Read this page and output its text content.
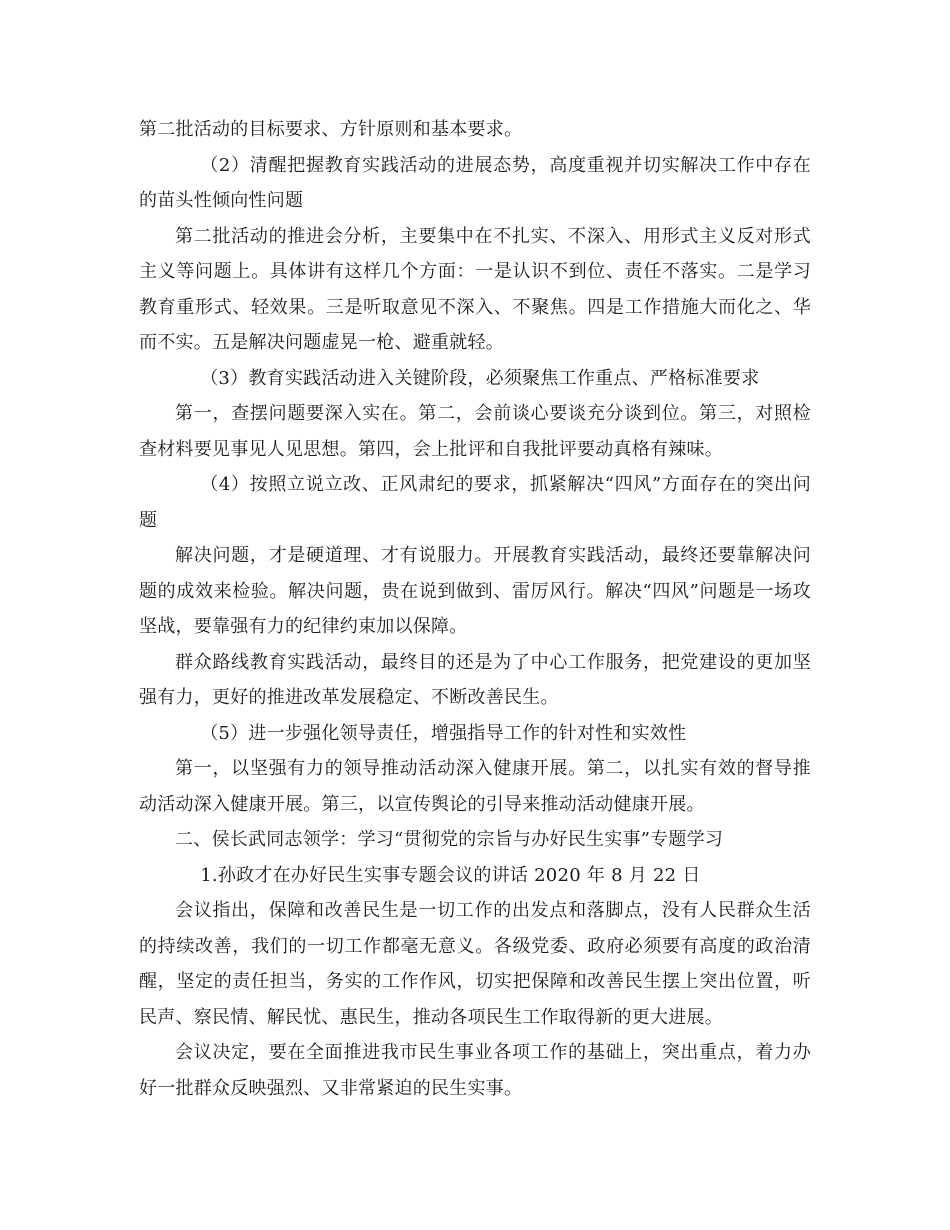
第二批活动的目标要求、方针原则和基本要求。

（2）清醒把握教育实践活动的进展态势，高度重视并切实解决工作中存在的苗头性倾向性问题

第二批活动的推进会分析，主要集中在不扎实、不深入、用形式主义反对形式主义等问题上。具体讲有这样几个方面：一是认识不到位、责任不落实。二是学习教育重形式、轻效果。三是听取意见不深入、不聚焦。四是工作措施大而化之、华而不实。五是解决问题虚晃一枪、避重就轻。

（3）教育实践活动进入关键阶段，必须聚焦工作重点、严格标准要求

第一，查摆问题要深入实在。第二，会前谈心要谈充分谈到位。第三，对照检查材料要见事见人见思想。第四，会上批评和自我批评要动真格有辣味。

（4）按照立说立改、正风肃纪的要求，抓紧解决“四风”方面存在的突出问题

解决问题，才是硬道理、才有说服力。开展教育实践活动，最终还要靠解决问题的成效来检验。解决问题，贵在说到做到、雷厉风行。解决“四风”问题是一场攻坚战，要靠强有力的纪律约束加以保障。

群众路线教育实践活动，最终目的还是为了中心工作服务，把党建设的更加坚强有力，更好的推进改革发展稳定、不断改善民生。

（5）进一步强化领导责任，增强指导工作的针对性和实效性

第一，以坚强有力的领导推动活动深入健康开展。第二，以扎实有效的督导推动活动深入健康开展。第三，以宣传舆论的引导来推动活动健康开展。

二、侯长武同志领学：学习“贯彻党的宗旨与办好民生实事”专题学习

1.孙政才在办好民生实事专题会议的讲话 2020 年 8 月 22 日

会议指出，保障和改善民生是一切工作的出发点和落脚点，没有人民群众生活的持续改善，我们的一切工作都毫无意义。各级党委、政府必须要有高度的政治清醒，坚定的责任担当，务实的工作作风，切实把保障和改善民生摆上突出位置，听民声、察民情、解民忧、惠民生，推动各项民生工作取得新的更大进展。

会议决定，要在全面推进我市民生事业各项工作的基础上，突出重点，着力办好一批群众反映强烈、又非常紧迫的民生实事。
